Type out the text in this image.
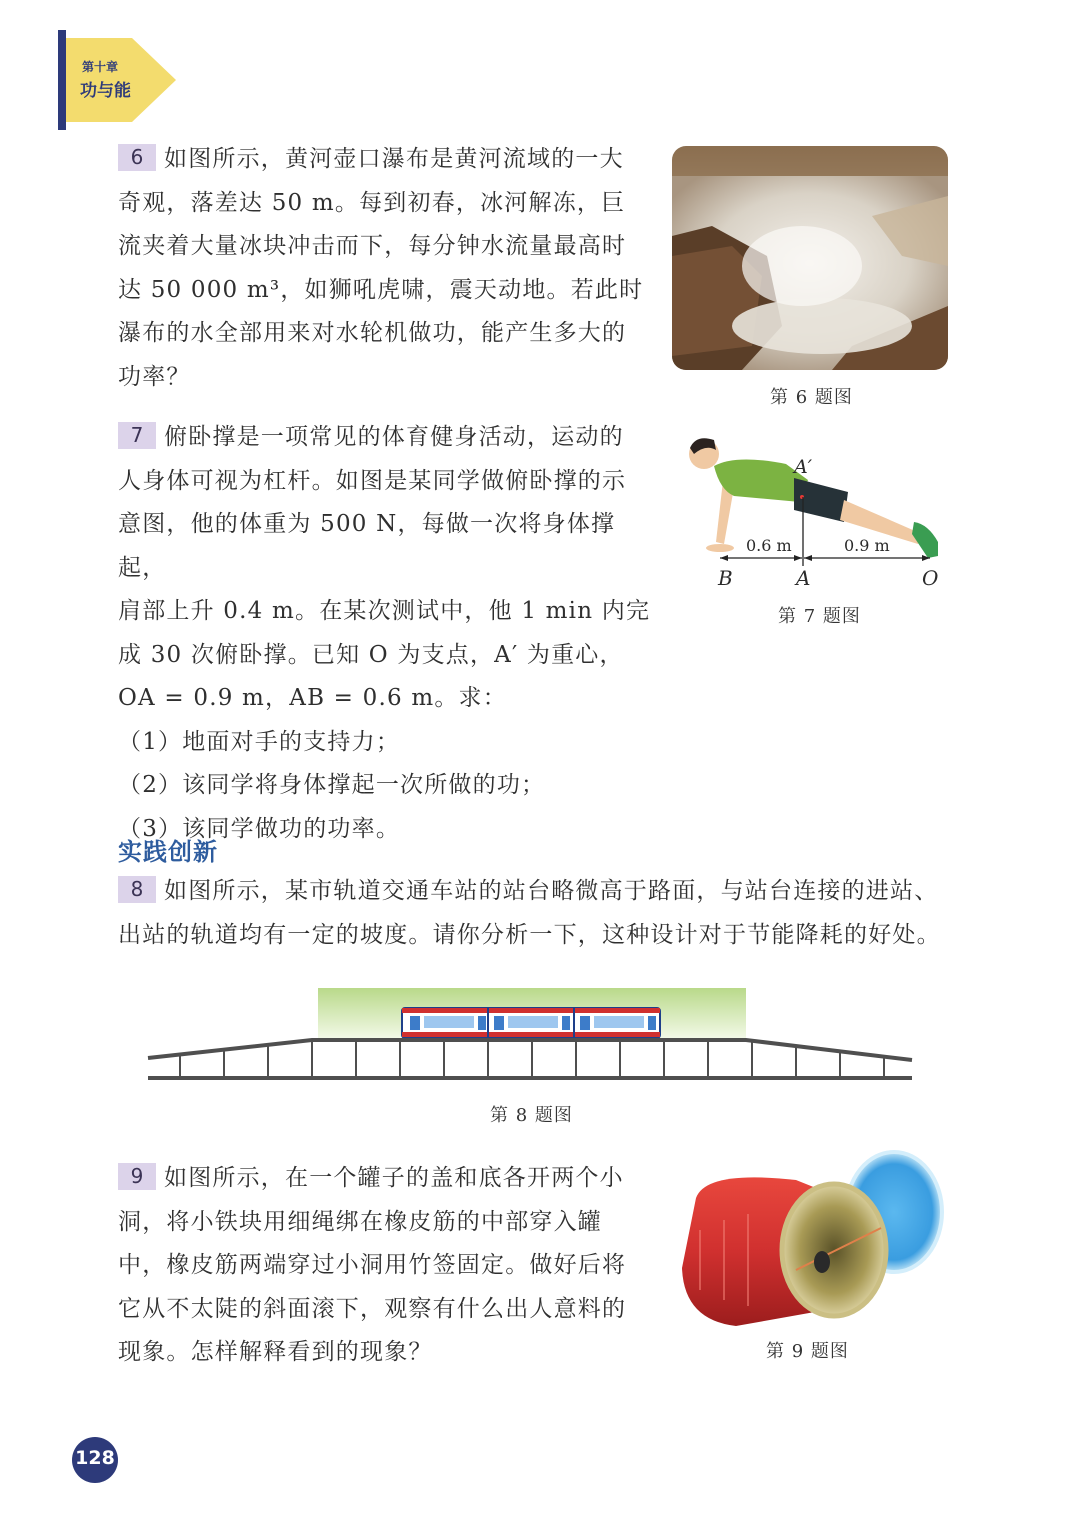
第十章
功与能
6 如图所示，黄河壶口瀑布是黄河流域的一大
奇观，落差达 50 m。每到初春，冰河解冻，巨
流夹着大量冰块冲击而下，每分钟水流量最高时
达 50 000 m³，如狮吼虎啸，震天动地。若此时
瀑布的水全部用来对水轮机做功，能产生多大的
功率？
第 6 题图
7 俯卧撑是一项常见的体育健身活动，运动的
人身体可视为杠杆。如图是某同学做俯卧撑的示
意图，他的体重为 500 N，每做一次将身体撑起，
肩部上升 0.4 m。在某次测试中，他 1 min 内完
成 30 次俯卧撑。已知 O 为支点，A′ 为重心，
OA = 0.9 m，AB = 0.6 m。求：
（1）地面对手的支持力；
（2）该同学将身体撑起一次所做的功；
（3）该同学做功的功率。
A′
0.6 m	0.9 m
B	A	O
第 7 题图
实践创新
8 如图所示，某市轨道交通车站的站台略微高于路面，与站台连接的进站、
出站的轨道均有一定的坡度。请你分析一下，这种设计对于节能降耗的好处。
第 8 题图
9 如图所示，在一个罐子的盖和底各开两个小
洞，将小铁块用细绳绑在橡皮筋的中部穿入罐
中，橡皮筋两端穿过小洞用竹签固定。做好后将
它从不太陡的斜面滚下，观察有什么出人意料的
现象。怎样解释看到的现象？	第 9 题图
128
